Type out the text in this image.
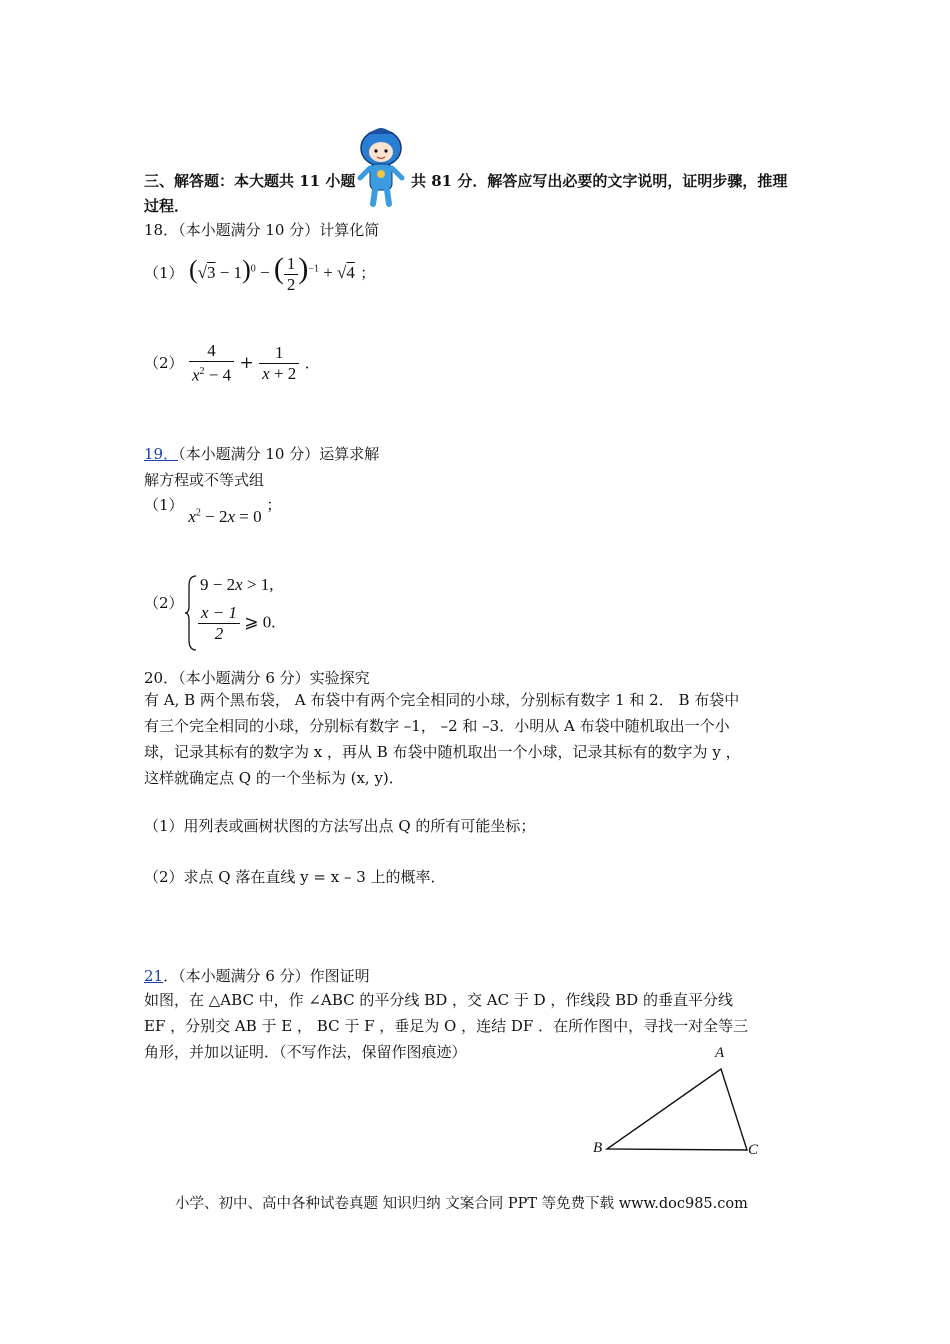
三、解答题：本大题共 11 小题	共 81 分．解答应写出必要的文字说明，证明步骤，推理
过程．
18．（本小题满分 10 分）计算化简
（1） $(√3 - 1)^0$ − ( $\frac{1}{2} )^{-1} + √4$ ；
$(2) \frac{4}{x^2 - 4} + \frac{1}{x + 2}$ ．
19．（本小题满分 10 分）运算求解
解方程或不等式组
（1） $x^2 - 2x = 0$ ；
（2）
9 − 2x > 1,
$\frac{x - 1}{2}$ ⩾ 0.
20．（本小题满分 6 分）实验探究
有 A, B 两个黑布袋， A 布袋中有两个完全相同的小球，分别标有数字 1 和 2． B 布袋中
有三个完全相同的小球，分别标有数字 –1， –2 和 –3．小明从 A 布袋中随机取出一个小
球，记录其标有的数字为 x ，再从 B 布袋中随机取出一个小球，记录其标有的数字为 y ，
这样就确定点 Q 的一个坐标为 (x, y)．
（1）用列表或画树状图的方法写出点 Q 的所有可能坐标；
（2）求点 Q 落在直线 y = x – 3 上的概率．
21．（本小题满分 6 分）作图证明
如图，在 △ABC 中，作 ∠ABC 的平分线 BD ，交 AC 于 D ，作线段 BD 的垂直平分线
EF ，分别交 AB 于 E ， BC 于 F ，垂足为 O ，连结 DF ．在所作图中，寻找一对全等三
角形，并加以证明．（不写作法，保留作图痕迹）	A
B	C
小学、初中、高中各种试卷真题 知识归纳 文案合同 PPT 等免费下载 www.doc985.com
